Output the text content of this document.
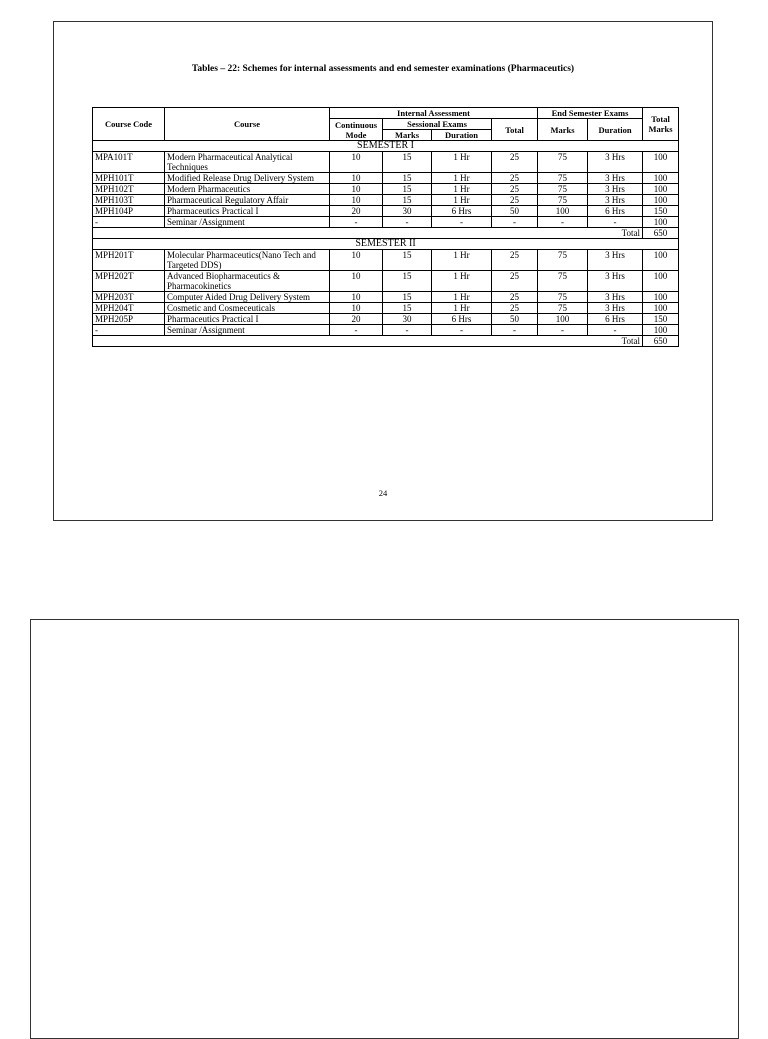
Tables – 22: Schemes for internal assessments and end semester examinations (Pharmaceutics)
Course Code	Course	Internal Assessment				End Semester Exams		Total Marks
		Continuous Mode	Sessional Exams		Total	Marks	Duration	
			Marks	Duration				
SEMESTER I								
MPA101T	Modern Pharmaceutical Analytical Techniques	10	15	1 Hr	25	75	3 Hrs	100
MPH101T	Modified Release Drug Delivery System	10	15	1 Hr	25	75	3 Hrs	100
MPH102T	Modern Pharmaceutics	10	15	1 Hr	25	75	3 Hrs	100
MPH103T	Pharmaceutical Regulatory Affair	10	15	1 Hr	25	75	3 Hrs	100
MPH104P	Pharmaceutics Practical I	20	30	6 Hrs	50	100	6 Hrs	150
-	Seminar /Assignment	-	-	-	-	-	-	100
Total								650
SEMESTER II								
MPH201T	Molecular Pharmaceutics(Nano Tech and Targeted DDS)	10	15	1 Hr	25	75	3 Hrs	100
MPH202T	Advanced Biopharmaceutics & Pharmacokinetics	10	15	1 Hr	25	75	3 Hrs	100
MPH203T	Computer Aided Drug Delivery System	10	15	1 Hr	25	75	3 Hrs	100
MPH204T	Cosmetic and Cosmeceuticals	10	15	1 Hr	25	75	3 Hrs	100
MPH205P	Pharmaceutics Practical I	20	30	6 Hrs	50	100	6 Hrs	150
-	Seminar /Assignment	-	-	-	-	-	-	100
Total								650
24
